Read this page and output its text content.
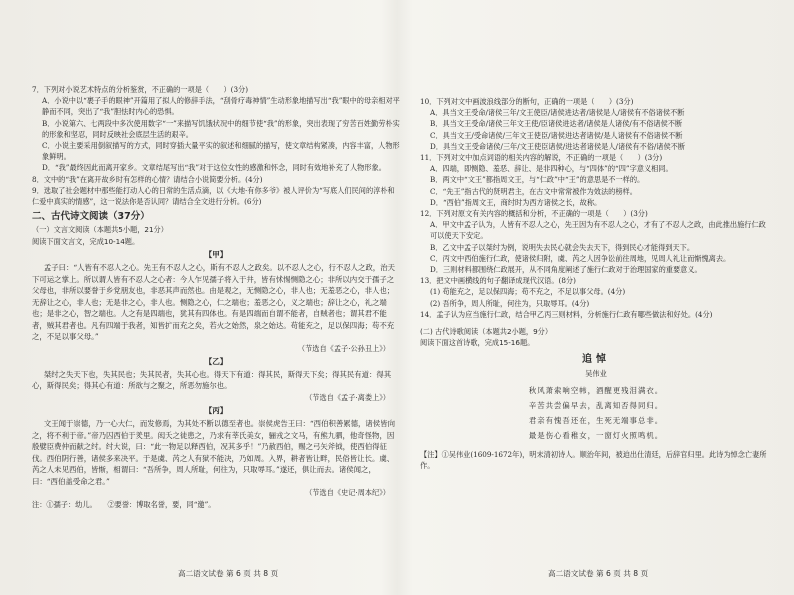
7．下列对小说艺术特点的分析鉴赏，不正确的一项是（　　）(3分)

A．小说中以“裹子手的眼神”开篇用了拟人的修辞手法，“刮骨疗毒神情”生动形象地描写出“我”眼中的母亲相对平静而不同，突出了“我”胆怯时内心的恐惧。

B．小说第六、七两段中多次使用数字“一”来描写饥饿状况中的细节使“我”的形象，突出表现了穷苦百姓勤劳朴实的形象和坚忍，同时反映社会底层生活的艰辛。

C．小说主要采用倒叙描写的方式，同时穿插大量平实的叙述和细腻的描写，使文章结构紧凑，内容丰富，人物形象鲜明。

D．“我”最终因此而离开家乡。文章结尾写出“我”对于这位女性的感激和怀念，同时有效地补充了人物形象。

8．文中的“我”在离开故乡时有怎样的心情？请结合小说简要分析。(4分)

9．选取了社会题材中那些能打动人心的日常的生活点滴，以《大地·有你多爷》被人评价为“写底人们民间的淳朴和仁爱中真实的情感”，这一说法你是否认同？请结合全文进行分析。(6分)

二、古代诗文阅读（37分）

（一）文言文阅读（本题共5小题，21分）

阅读下面文言文，完成10-14题。

【甲】

孟子曰：“人皆有不忍人之心。先王有不忍人之心，斯有不忍人之政矣。以不忍人之心，行不忍人之政，治天下可运之掌上。所以谓人皆有不忍人之心者：今人乍见孺子将入于井，皆有怵惕恻隐之心；非所以内交于孺子之父母也，非所以要誉于乡党朋友也，非恶其声而然也。由是观之，无恻隐之心，非人也；无羞恶之心，非人也；无辞让之心，非人也；无是非之心，非人也。恻隐之心，仁之端也；羞恶之心，义之端也；辞让之心，礼之端也；是非之心，智之端也。人之有是四端也，犹其有四体也。有是四端而自谓不能者，自贼者也；谓其君不能者，贼其君者也。凡有四端于我者，知皆扩而充之矣，若火之始然，泉之始达。苟能充之，足以保四海；苟不充之，不足以事父母。”

（节选自《孟子·公孙丑上》）

【乙】

桀纣之失天下也，失其民也；失其民者，失其心也。得天下有道：得其民，斯得天下矣；得其民有道：得其心，斯得民矣；得其心有道：所欲与之聚之，所恶勿施尔也。

（节选自《孟子·离娄上》）

【丙】

文王闻于崇德，乃一心大仁，而发修焉，为其处不断以德至者也。崇侯虎告王曰：“西伯积善累德，诸侯皆向之，将不利于帝。”帝乃囚西伯于羑里。闳夭之徒患之，乃求有莘氏美女，骊戎之文马，有熊九驷，他奇怪物，因殷嬖臣费仲而献之纣。纣大说，曰：“此一物足以释西伯，况其多乎！”乃赦西伯，赐之弓矢斧钺，使西伯得征伐。西伯阴行善，诸侯多来决平。于是虞、芮之人有狱不能决，乃如周。入界，耕者皆让畔，民俗皆让长。虞、芮之人未见西伯，皆惭，相谓曰：“吾所争，周人所耻，何往为，只取辱耳。”遂还，俱让而去。诸侯闻之，曰：“西伯盖受命之君。”

（节选自《史记·周本纪》）

注：①孺子：幼儿。　　②要誉：博取名誉，要，同“邀”。

10．下列对文中画波浪线部分的断句，正确的一项是（　　）(3分)

A．具当文王受命/诸侯三年/文王使臣/诸侯进达者/诸侯是人/诸侯有不俗诸侯不断

B．具当文王受命/诸侯三年文王使/臣诸侯进达者/诸侯是人诸侯/有不俗诸侯不断

C．具当文王/受命诸侯/三年文王使臣/诸侯进达者诸侯/是人诸侯有不俗诸侯不断

D．具当文王受命诸侯/三年/文王使臣诸侯/进达者诸侯是人/诸侯有不俗/诸侯不断

11．下列对文中加点词语的相关内容的解说，不正确的一项是（　　）(3分)

A．四端，即恻隐、羞恶、辞让、是非四种心，与“四体”的“四”字意义相同。

B．两文中“文王”都指周文王，与“仁政”中“王”的意思是不一样的。

C．“先王”指古代的贤明君主，在古文中常常被作为效法的榜样。

D．“西伯”指周文王，商纣时为西方诸侯之长，故称。

12．下列对原文有关内容的概括和分析，不正确的一项是（　　）(3分)

A．甲文中孟子认为，人皆有不忍人之心，先王因为有不忍人之心，才有了不忍人之政，由此推出施行仁政可以使天下安定。

B．乙文中孟子以桀纣为例，说明失去民心就会失去天下，得到民心才能得到天下。

C．丙文中西伯施行仁政，使诸侯归附，虞、芮之人因争讼前往周地，见周人礼让而惭愧离去。

D．三则材料都围绕仁政展开，从不同角度阐述了施行仁政对于治理国家的重要意义。

13．把文中画横线的句子翻译成现代汉语。(8分)

(1) 苟能充之，足以保四海；苟不充之，不足以事父母。(4分)

(2) 吾所争，周人所耻，何往为，只取辱耳。(4分)

14．孟子认为应当施行仁政，结合甲乙丙三则材料，分析施行仁政有哪些做法和好处。(4分)

(二) 古代诗歌阅读（本题共2小题，9分）

阅读下面这首诗歌，完成15-16题。

追悼

吴伟业

秋风萧索响空帏，酒醒更残泪满衣。

辛苦共尝偏早去，乱离知否得同归。

君亲有愧吾还在，生死无端事总非。

最是伤心看稚女，一窗灯火照鸣机。

【注】①吴伟业(1609-1672年)，明末清初诗人。顺治年间，被迫出仕清廷，后辞官归里。此诗为悼念亡妻所作。

高二语文试卷 第 6 页 共 8 页	高二语文试卷 第 6 页 共 8 页
